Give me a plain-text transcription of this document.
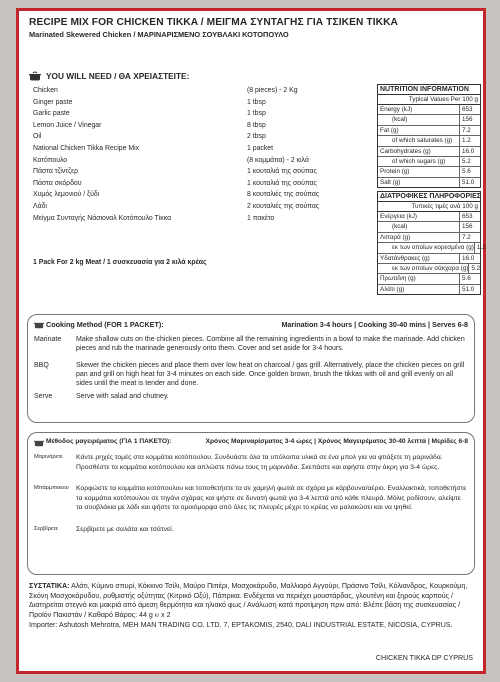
RECIPE MIX FOR CHICKEN TIKKA / ΜΕΙΓΜΑ ΣΥΝΤΑΓΗΣ ΓΙΑ ΤΣΙΚΕΝ ΤΙΚΚΑ
Marinated Skewered Chicken / ΜΑΡΙΝΑΡΙΣΜΕΝΟ ΣΟΥΒΛΑΚΙ ΚΟΤΟΠΟΥΛΟ
YOU WILL NEED / ΘΑ ΧΡΕΙΑΣΤΕΙΤΕ:
Chicken	(8 pieces) - 2 Kg
Ginger paste	1 tbsp
Garlic paste	1 tbsp
Lemon Juice / Vinegar	8 tbsp
Oil	2 tbsp
National Chicken Tikka Recipe Mix	1 packet
Κοτόπουλο	(8 κομμάτια) - 2 κιλά
Πάστα τζίντζερ	1 κουταλιά της σούπας
Πάστα σκόρδου	1 κουταλιά της σούπας
Χυμός λεμονιού / ξύδι	8 κουταλιές της σούπας
Λάδι	2 κουταλιές της σούπας
Μείγμα Συνταγής Νάσιοναλ Κοτόπουλο Τίκκα	1 πακέτο
1 Pack For 2 kg Meat / 1 συσκευασία για 2 κιλά κρέας
NUTRITION INFORMATION
Typical Values Per 100 g
Energy (kJ)	653
(kcal)	156
Fat (g)	7.2
of which saturates (g)	1.2
Carbohydrates (g)	16.0
of which sugars (g)	5.2
Protein (g)	5.6
Salt (g)	51.0
ΔΙΑΤΡΟΦΙΚΕΣ ΠΛΗΡΟΦΟΡΙΕΣ
Τυπικές τιμές ανά 100 g
Ενέργεια (kJ)	653
(kcal)	156
Λιπαρά (g)	7.2
εκ των οποίων κορεσμένα (g) 1.2
Υδατάνθρακες (g)	16.0
εκ των οποίων σάκχαρα (g) 5.2
Πρωτεΐνη (g)	5.6
Αλάτι (g)	51.0
Cooking Method (FOR 1 PACKET):	Marination 3-4 hours | Cooking 30-40 mins | Serves 6-8
Marinate Make shallow cuts on the chicken pieces. Combine all the remaining ingredients in a bowl to make the marinade. Add chicken pieces and rub the marinade generously onto them. Cover and set aside for 3-4 hours.
BBQ	Skewer the chicken pieces and place them over low heat on charcoal / gas grill. Alternatively, place the chicken pieces on grill pan and grill on high heat for 3-4 minutes on each side. Once golden brown, brush the tikkas with oil and grill evenly on all sides until the meat is tender and done.
Serve	Serve with salad and chutney.
Μέθοδος μαγειρέματος (ΓΙΑ 1 ΠΑΚΕΤΟ):	Χρόνος Μαριναρίσματος 3-4 ώρες | Χρόνος Μαγειρέματος 30-40 λεπτά | Μερίδες 6-8
Μαρινάρετε Κάντε ρηχές τομές στα κομμάτια κοτόπουλου. Συνδυάστε όλα τα υπόλοιπα υλικά σε ένα μπολ για να φτιάξετε τη μαρινάδα. Προσθέστε τα κομμάτια κοτόπουλου και απλώστε πάνω τους τη μαρινάδα. Σκεπάστε και αφήστε στην άκρη για 3-4 ώρες.
Μπάρμπεκιου Κορφώστε τα κομμάτια κοτόπουλου και τοποθετήστε τα σε χαμηλή φωτιά σε σχάρα με κάρβουνα/αέριο. Εναλλακτικά, τοποθετήστε τα κομμάτια κοτόπουλου σε τηγάνι σχάρας και ψήστε σε δυνατή φωτιά για 3-4 λεπτά από κάθε πλευρά. Μόλις ροδίσουν, αλείψτε τα σουβλάκια με λάδι και ψήστε τα ομοιόμορφα από όλες τις πλευρές μέχρι το κρέας να μαλακώσει και να ψηθεί.
Σερβίρετε	Σερβίρετε με σαλάτα και τσάτνεϊ.
ΣΥΣΤΑΤΙΚΑ: Αλάτι, Κύμινο σπυρί, Κόκκινο Τσίλι, Μαύρο Πιπέρι, Μοσχοκάρυδο, Μαλλιαρό Αγγούρι, Πράσινο Τσίλι, Κόλιανδρος, Κουρκούμη, Σκόνη Μοσχοκάρυδου, ρυθμιστής οξύτητας (Κιτρικό Οξύ), Πάπρικα. Ενδέχεται να περιέχει μουστάρδας, γλουτένη και ξηρούς καρπούς / Διατηρείται στεγνό και μακριά από άμεση θερμότητα και ηλιακό φως / Ανάλωση κατά προτίμηση πριν από: Βλέπε βάση της συσκευασίας / Προϊόν Πακιστάν / Καθαρό Βάρος: 44 g ℮ x 2
Importer: Ashutosh Mehrotra, MEH MAN TRADING CO. LTD. 7, EPTAKOMIS, 2540, DALI INDUSTRIAL ESTATE, NICOSIA, CYPRUS.
CHICKEN TIKKA DP CYPRUS
